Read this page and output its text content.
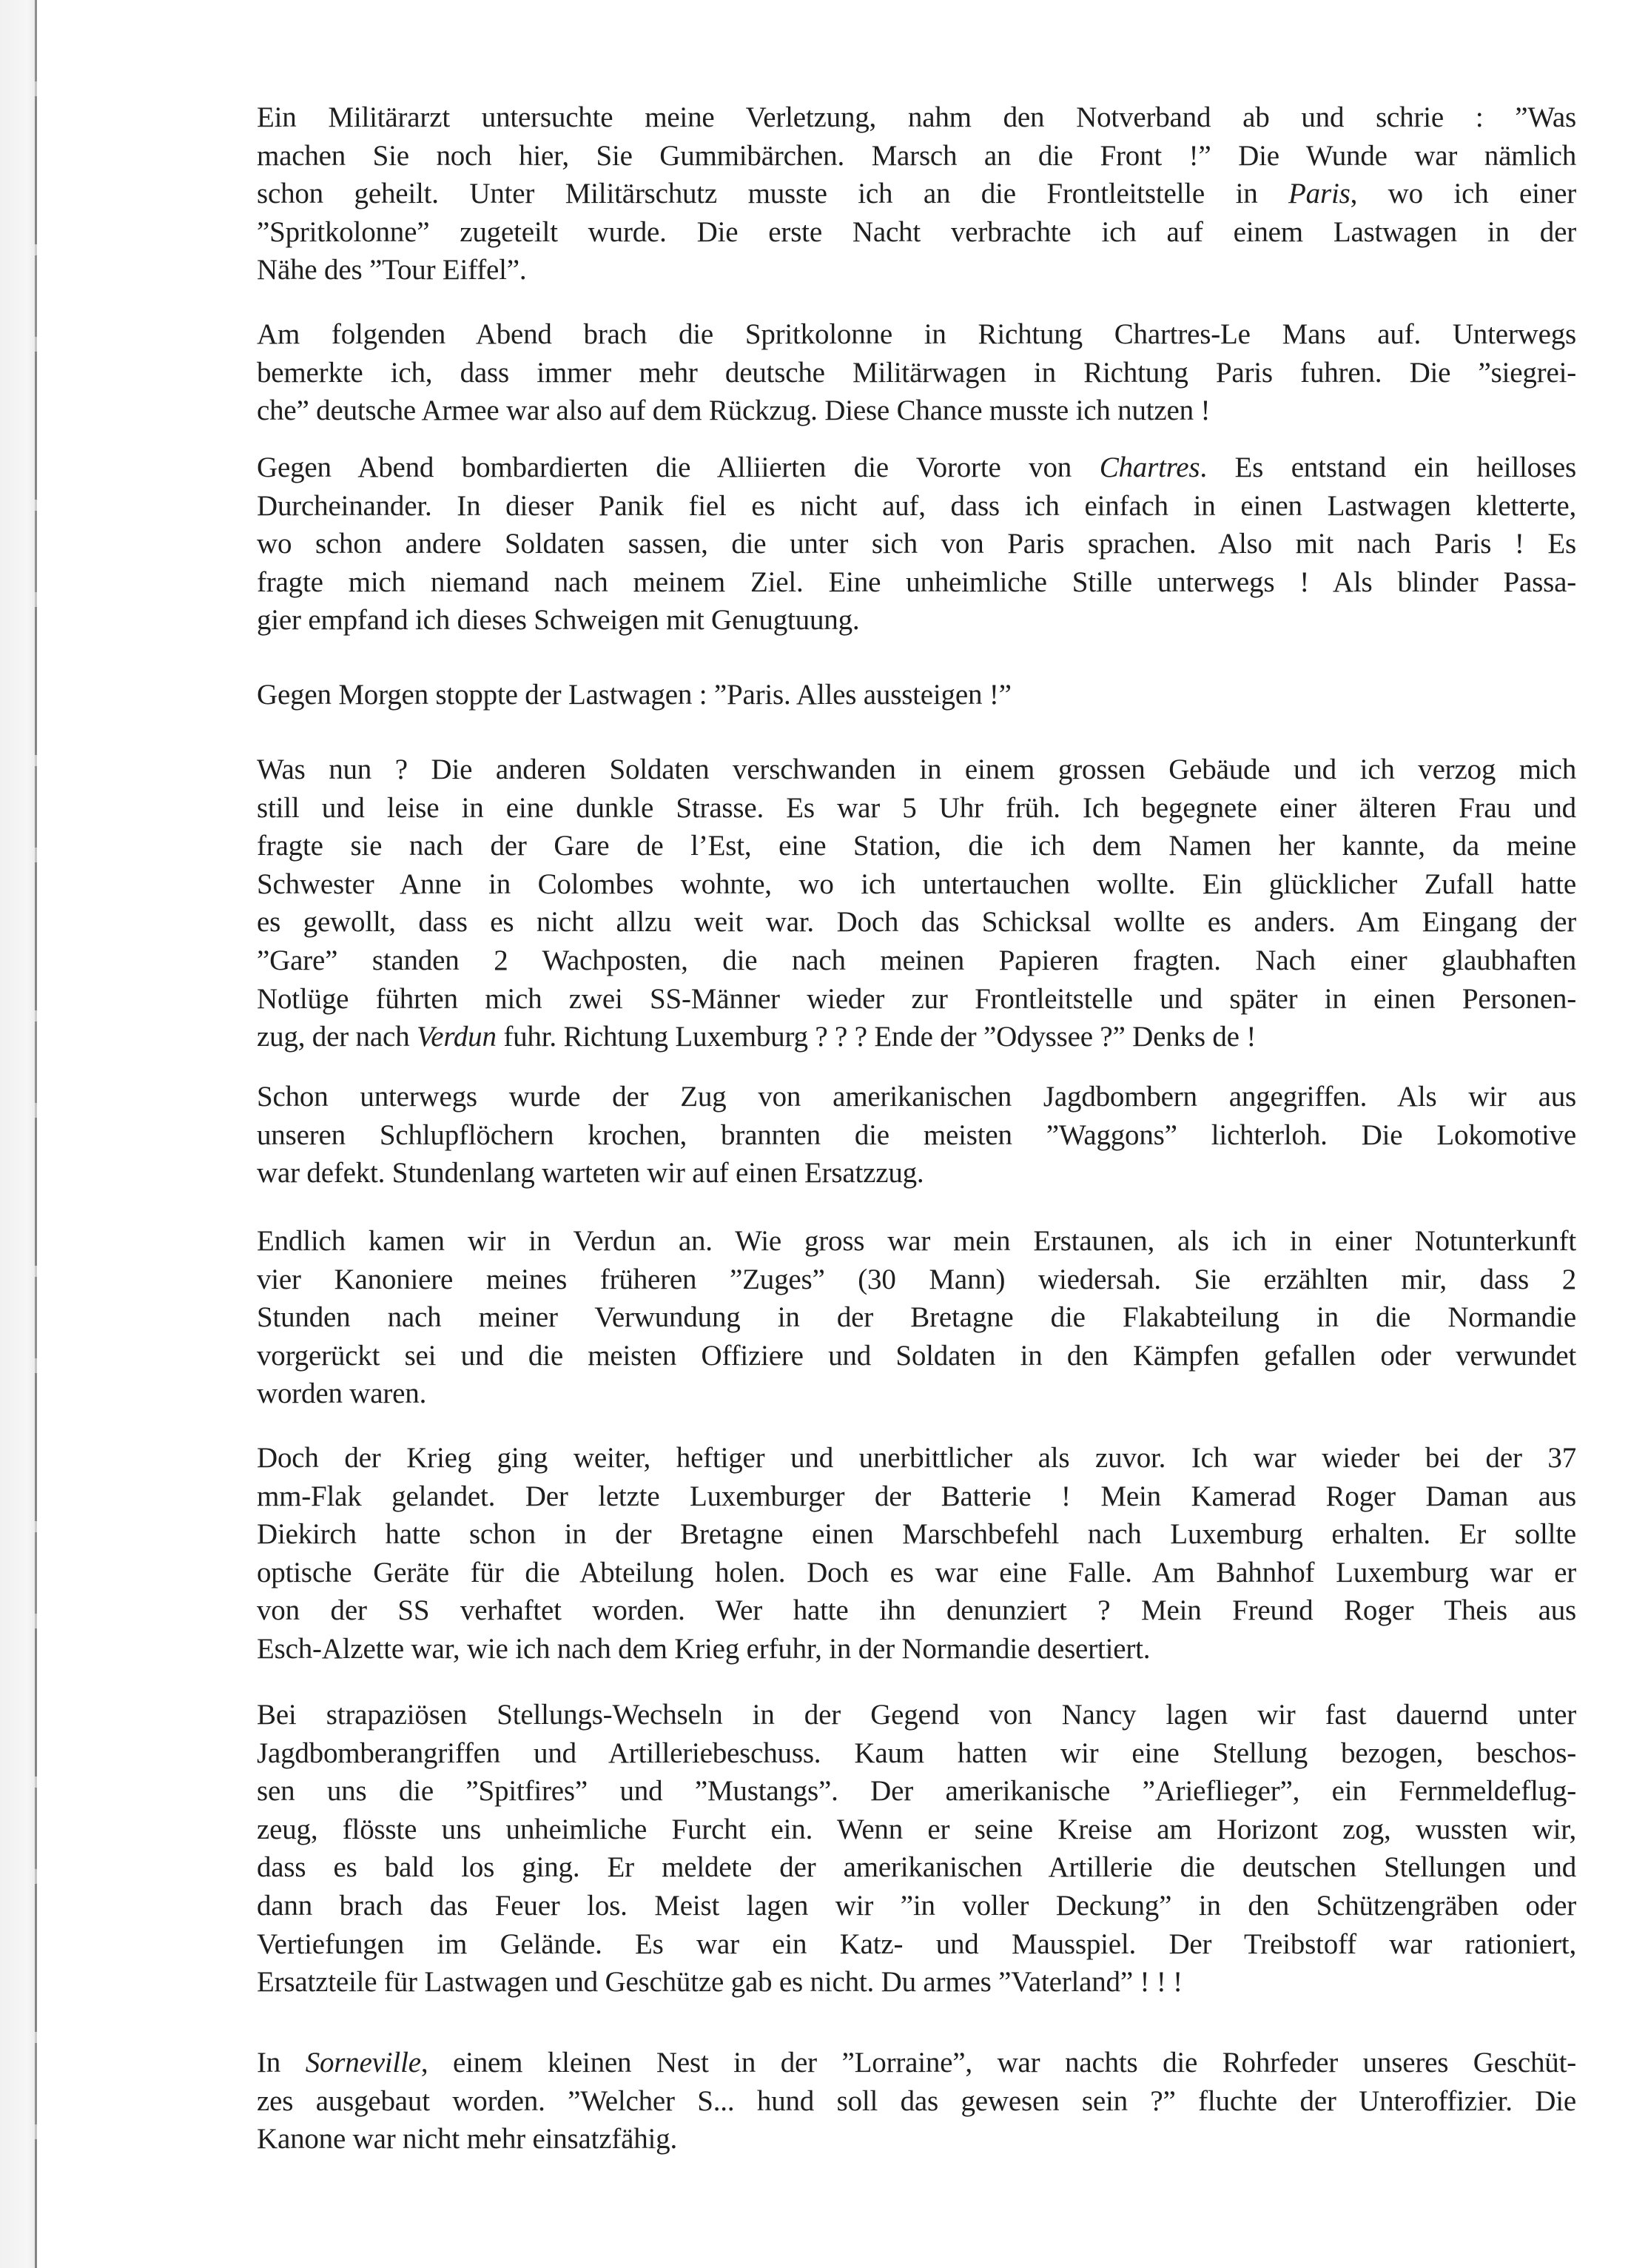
Ein Militärarzt untersuchte meine Verletzung, nahm den Notverband ab und schrie : ”Was
machen Sie noch hier, Sie Gummibärchen. Marsch an die Front !” Die Wunde war nämlich
schon geheilt. Unter Militärschutz musste ich an die Frontleitstelle in Paris, wo ich einer
”Spritkolonne” zugeteilt wurde. Die erste Nacht verbrachte ich auf einem Lastwagen in der
Nähe des ”Tour Eiffel”.
Am folgenden Abend brach die Spritkolonne in Richtung Chartres-Le Mans auf. Unterwegs
bemerkte ich, dass immer mehr deutsche Militärwagen in Richtung Paris fuhren. Die ”siegrei-
che” deutsche Armee war also auf dem Rückzug. Diese Chance musste ich nutzen !
Gegen Abend bombardierten die Alliierten die Vororte von Chartres. Es entstand ein heilloses
Durcheinander. In dieser Panik fiel es nicht auf, dass ich einfach in einen Lastwagen kletterte,
wo schon andere Soldaten sassen, die unter sich von Paris sprachen. Also mit nach Paris ! Es
fragte mich niemand nach meinem Ziel. Eine unheimliche Stille unterwegs ! Als blinder Passa-
gier empfand ich dieses Schweigen mit Genugtuung.
Gegen Morgen stoppte der Lastwagen : ”Paris. Alles aussteigen !”
Was nun ? Die anderen Soldaten verschwanden in einem grossen Gebäude und ich verzog mich
still und leise in eine dunkle Strasse. Es war 5 Uhr früh. Ich begegnete einer älteren Frau und
fragte sie nach der Gare de l’Est, eine Station, die ich dem Namen her kannte, da meine
Schwester Anne in Colombes wohnte, wo ich untertauchen wollte. Ein glücklicher Zufall hatte
es gewollt, dass es nicht allzu weit war. Doch das Schicksal wollte es anders. Am Eingang der
”Gare” standen 2 Wachposten, die nach meinen Papieren fragten. Nach einer glaubhaften
Notlüge führten mich zwei SS-Männer wieder zur Frontleitstelle und später in einen Personen-
zug, der nach Verdun fuhr. Richtung Luxemburg ? ? ? Ende der ”Odyssee ?” Denks de !
Schon unterwegs wurde der Zug von amerikanischen Jagdbombern angegriffen. Als wir aus
unseren Schlupflöchern krochen, brannten die meisten ”Waggons” lichterloh. Die Lokomotive
war defekt. Stundenlang warteten wir auf einen Ersatzzug.
Endlich kamen wir in Verdun an. Wie gross war mein Erstaunen, als ich in einer Notunterkunft
vier Kanoniere meines früheren ”Zuges” (30 Mann) wiedersah. Sie erzählten mir, dass 2
Stunden nach meiner Verwundung in der Bretagne die Flakabteilung in die Normandie
vorgerückt sei und die meisten Offiziere und Soldaten in den Kämpfen gefallen oder verwundet
worden waren.
Doch der Krieg ging weiter, heftiger und unerbittlicher als zuvor. Ich war wieder bei der 37
mm-Flak gelandet. Der letzte Luxemburger der Batterie ! Mein Kamerad Roger Daman aus
Diekirch hatte schon in der Bretagne einen Marschbefehl nach Luxemburg erhalten. Er sollte
optische Geräte für die Abteilung holen. Doch es war eine Falle. Am Bahnhof Luxemburg war er
von der SS verhaftet worden. Wer hatte ihn denunziert ? Mein Freund Roger Theis aus
Esch-Alzette war, wie ich nach dem Krieg erfuhr, in der Normandie desertiert.
Bei strapaziösen Stellungs-Wechseln in der Gegend von Nancy lagen wir fast dauernd unter
Jagdbomberangriffen und Artilleriebeschuss. Kaum hatten wir eine Stellung bezogen, beschos-
sen uns die ”Spitfires” und ”Mustangs”. Der amerikanische ”Arieflieger”, ein Fernmeldeflug-
zeug, flösste uns unheimliche Furcht ein. Wenn er seine Kreise am Horizont zog, wussten wir,
dass es bald los ging. Er meldete der amerikanischen Artillerie die deutschen Stellungen und
dann brach das Feuer los. Meist lagen wir ”in voller Deckung” in den Schützengräben oder
Vertiefungen im Gelände. Es war ein Katz- und Mausspiel. Der Treibstoff war rationiert,
Ersatzteile für Lastwagen und Geschütze gab es nicht. Du armes ”Vaterland” ! ! !
In Sorneville, einem kleinen Nest in der ”Lorraine”, war nachts die Rohrfeder unseres Geschüt-
zes ausgebaut worden. ”Welcher S... hund soll das gewesen sein ?” fluchte der Unteroffizier. Die
Kanone war nicht mehr einsatzfähig.
